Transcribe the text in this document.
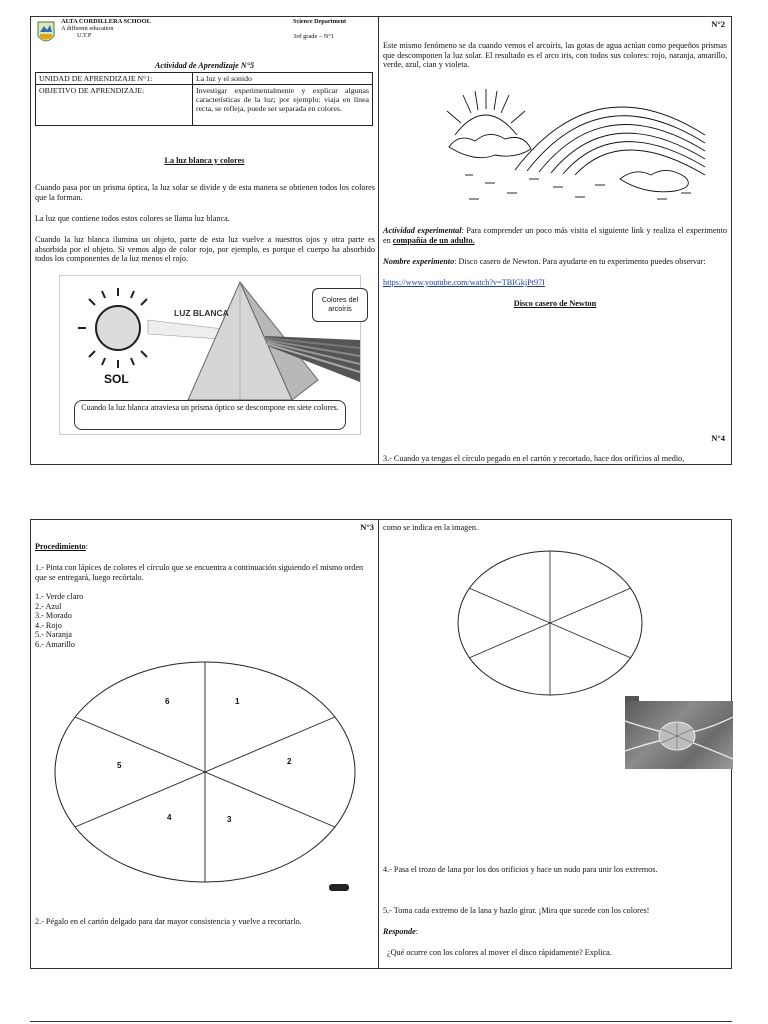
ALTA CORDILLERA SCHOOL

A different education

U.T.P

Science Department

3rd grade – N°1

Actividad de Aprendizaje N°5

UNIDAD DE APRENDIZAJE N°1:	La luz y el sonido
OBJETIVO DE APRENDIZAJE:	Investigar experimentalmente y explicar algunas características de la luz; por ejemplo: viaja en línea recta, se refleja, puede ser separada en colores.

La luz blanca y colores

Cuando pasa por un prisma óptica, la luz solar se divide y de esta manera se obtienen todos los colores que la forman.

La luz que contiene todos estos colores se llama luz blanca.

Cuando la luz blanca ilumina un objeto, parte de esta luz vuelve a nuestros ojos y otra parte es absorbida por el objeto. Si vemos algo de color rojo, por ejemplo, es porque el cuerpo ha absorbido todos los componentes de la luz menos el rojo.

LUZ BLANCA
SOL
Colores del arcoíris
Cuando la luz blanca atraviesa un prisma óptico se descompone en siete colores.
N°2

Este mismo fenómeno se da cuando vemos el arcoíris, las gotas de agua actúan como pequeños prismas que descomponen la luz solar. El resultado es el arco iris, con todos sus colores: rojo, naranja, amarillo, verde, azul, cian y violeta.

Actividad experimental: Para comprender un poco más visita el siguiente link y realiza el experimento en compañía de un adulto.

Nombre experimento: Disco casero de Newton. Para ayudarte en tu experimento puedes observar:

https://www.youtube.com/watch?v=TBIGkjPt97I

Disco casero de Newton

N°4

3.- Cuando ya tengas el círculo pegado en el cartón y recortado, hace dos orificios al medio,

N°3

Procedimiento:

1.- Pinta con lápices de colores el círculo que se encuentra a continuación siguiendo el mismo orden que se entregará, luego recórtalo.

1.- Verde claro
2.- Azul
3.- Morado
4.- Rojo
5.- Naranja
6.- Amarillo
1
2
3
4
5
6

2.- Pégalo en el cartón delgado para dar mayor consistencia y vuelve a recortarlo.

como se indica en la imagen.

4.- Pasa el trozo de lana por los dos orificios y hace un nudo para unir los extremos.

5.- Toma cada extremo de la lana y hazlo girar. ¡Mira que sucede con los colores!

Responde:

¿Qué ocurre con los colores al mover el disco rápidamente? Explica.
